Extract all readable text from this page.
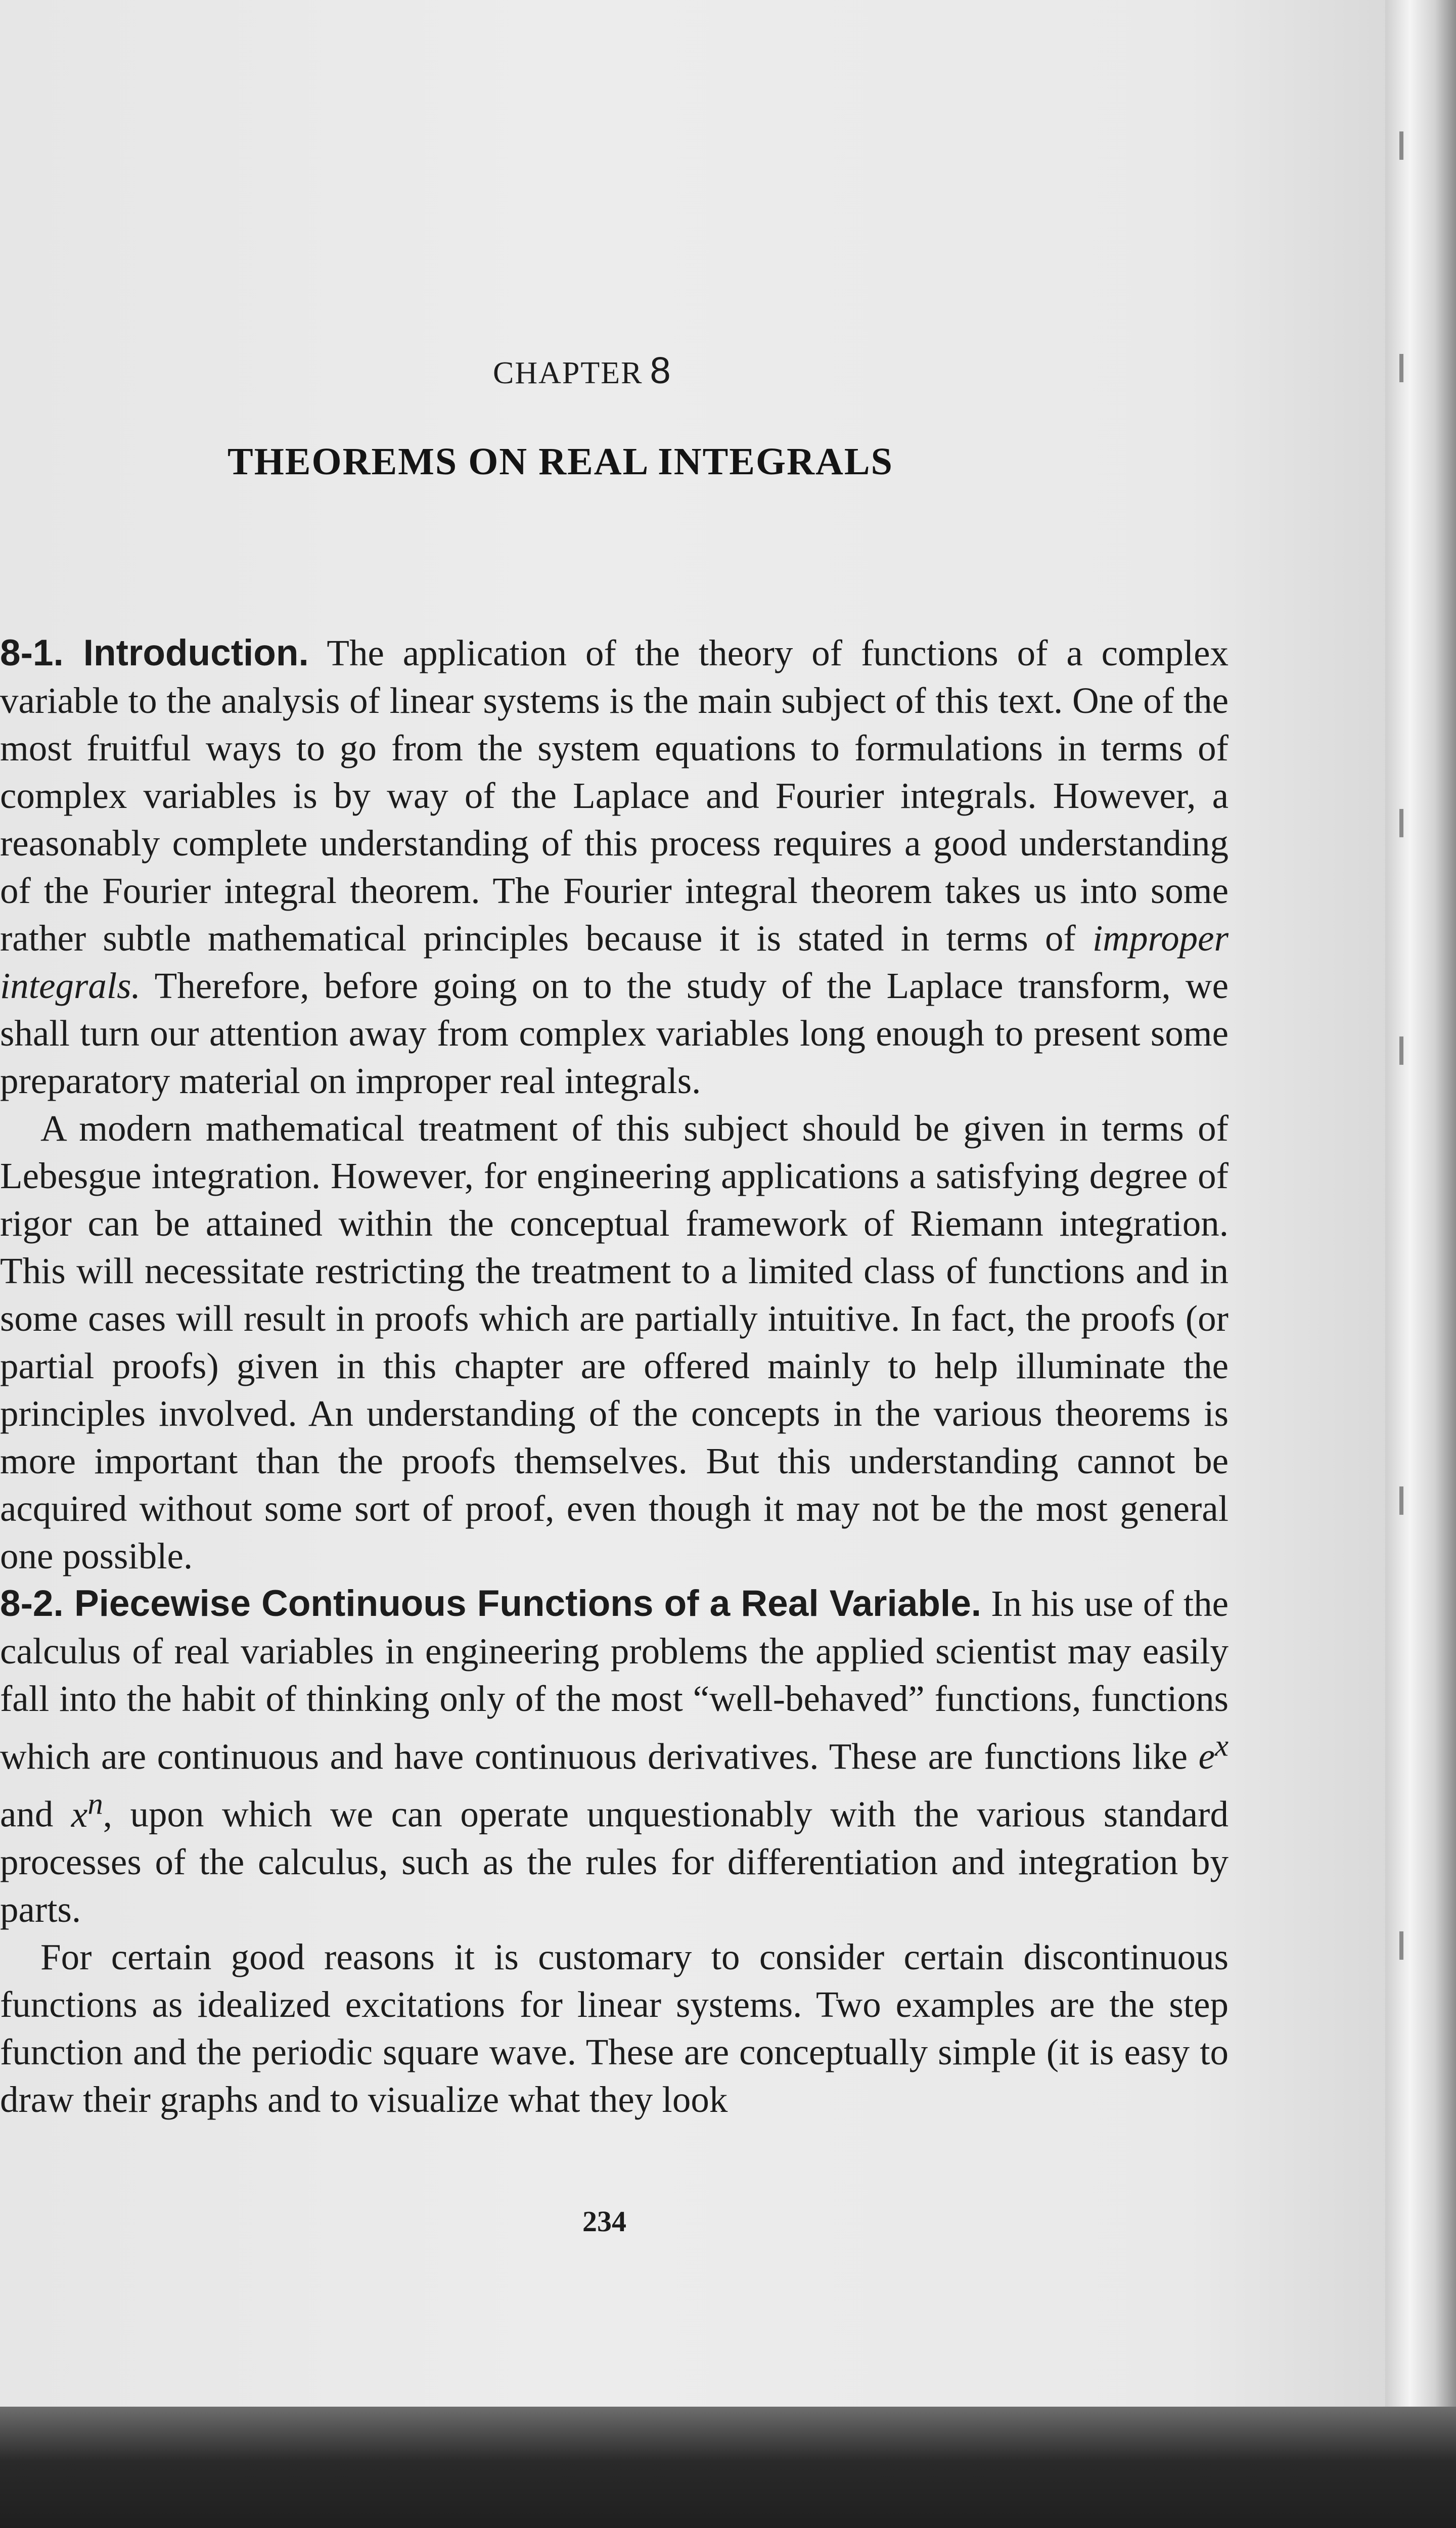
CHAPTER 8
THEOREMS ON REAL INTEGRALS

8-1. Introduction. The application of the theory of functions of a complex variable to the analysis of linear systems is the main subject of this text. One of the most fruitful ways to go from the system equations to formulations in terms of complex variables is by way of the Laplace and Fourier integrals. However, a reasonably complete understanding of this process requires a good understanding of the Fourier integral theorem. The Fourier integral theorem takes us into some rather subtle mathematical principles because it is stated in terms of improper integrals. Therefore, before going on to the study of the Laplace transform, we shall turn our attention away from complex variables long enough to present some preparatory material on improper real integrals.

A modern mathematical treatment of this subject should be given in terms of Lebesgue integration. However, for engineering applications a satisfying degree of rigor can be attained within the conceptual framework of Riemann integration. This will necessitate restricting the treatment to a limited class of functions and in some cases will result in proofs which are partially intuitive. In fact, the proofs (or partial proofs) given in this chapter are offered mainly to help illuminate the principles involved. An understanding of the concepts in the various theorems is more important than the proofs themselves. But this understanding cannot be acquired without some sort of proof, even though it may not be the most general one possible.

8-2. Piecewise Continuous Functions of a Real Variable. In his use of the calculus of real variables in engineering problems the applied scientist may easily fall into the habit of thinking only of the most “well-behaved” functions, functions which are continuous and have continuous derivatives. These are functions like $e^x$ and $x^n$, upon which we can operate unquestionably with the various standard processes of the calculus, such as the rules for differentiation and integration by parts.

For certain good reasons it is customary to consider certain discontinuous functions as idealized excitations for linear systems. Two examples are the step function and the periodic square wave. These are conceptually simple (it is easy to draw their graphs and to visualize what they look

234
